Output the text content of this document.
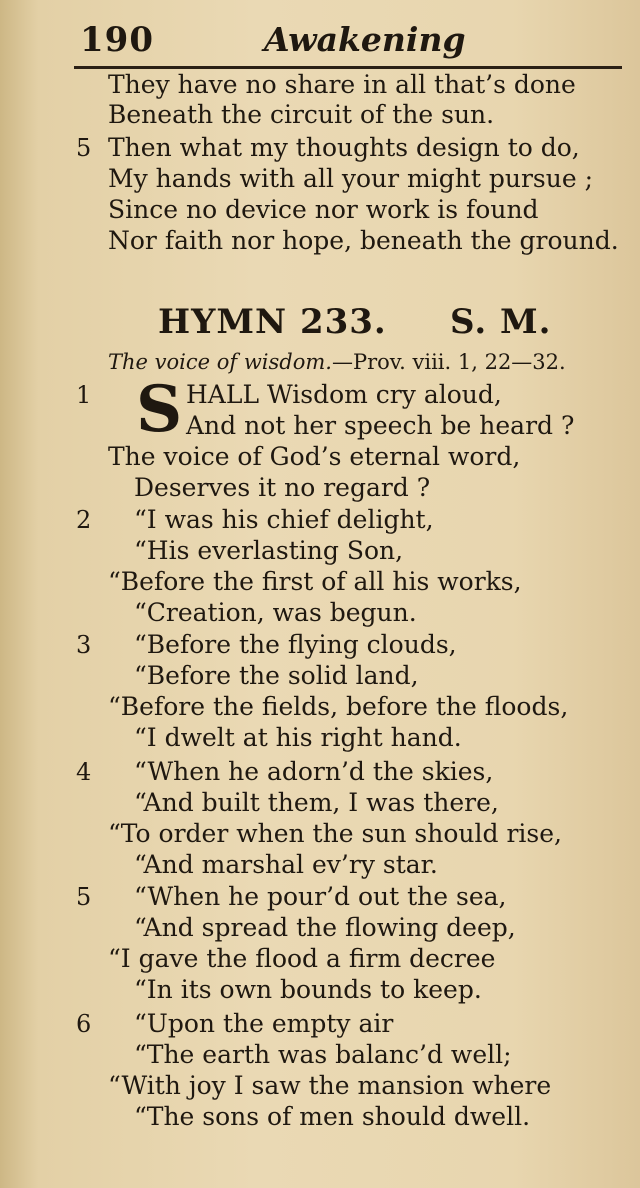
190	Awakening
They have no share in all that’s done
Beneath the circuit of the sun.
5 Then what my thoughts design to do,
My hands with all your might pursue ;
Since no device nor work is found
Nor faith nor hope, beneath the ground.
HYMN 233. S. M.
The voice of wisdom.—Prov. viii. 1, 22—32.
1 S HALL Wisdom cry aloud,
And not her speech be heard ?
The voice of God’s eternal word,
Deserves it no regard ?
2 “I was his chief delight,
“His everlasting Son,
“Before the first of all his works,
“Creation, was begun.
3 “Before the flying clouds,
“Before the solid land,
“Before the fields, before the floods,
“I dwelt at his right hand.
4 “When he adorn’d the skies,
“And built them, I was there,
“To order when the sun should rise,
“And marshal ev’ry star.
5 “When he pour’d out the sea,
“And spread the flowing deep,
“I gave the flood a firm decree
“In its own bounds to keep.
6 “Upon the empty air
“The earth was balanc’d well;
“With joy I saw the mansion where
“The sons of men should dwell.
